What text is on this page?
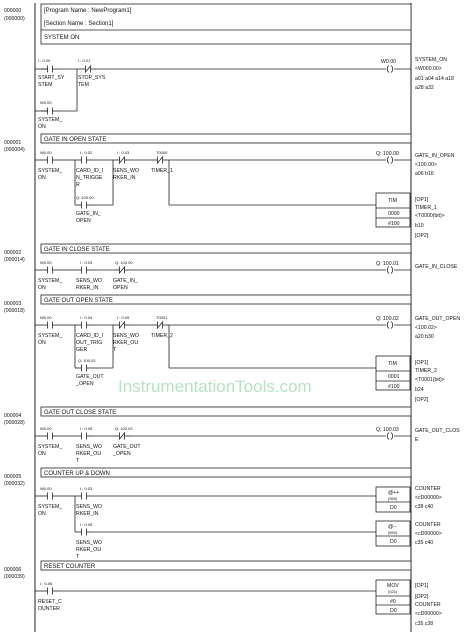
InstrumentationTools.com
000000
(000000)
[Program Name : NewProgram1]
[Section Name : Section1]
SYSTEM ON
I : 0.00
START_SY
STEM
I : 0.01
STOP_SYS
TEM
W0.00
W0.00
SYSTEM_
ON
SYSTEM_ON
<W000.00>
a01 a04 a14 a18
a28 a32
000001
(000004)
GATE IN OPEN STATE
W0.00
SYSTEM_
ON
I : 0.02
CARD_ID_I
N_TRIGGE
R
I : 0.03
SENS_WO
RKER_IN
T0000
TIMER_1
Q: 100.00
Q: 100.00
GATE_IN_
OPEN
TIM
0000
#100
GATE_IN_OPEN
<100.00>
a06 b16
[OP1]
TIMER_1
<T0000(bit)>
b10
[OP2]
000002
(000014)
GATE IN CLOSE STATE
W0.00
SYSTEM_
ON
I : 0.03
SENS_WO
RKER_IN
Q: 100.00
GATE_IN_
OPEN
Q: 100.01	GATE_IN_CLOSE
000003
(000018)
GATE OUT OPEN STATE
W0.00
SYSTEM_
ON
I : 0.04
CARD_ID_I
OUT_TRIG
GER
I : 0.05
SENS_WO
RKER_OU
T
T0001
TIMER_2
Q: 100.02
Q: 100.02
GATE_OUT
_OPEN
TIM
0001
#100
GATE_OUT_OPEN
<100.02>
a20 b30
[OP1]
TIMER_2
<T0001(bit)>
b24
[OP2]
000004
(000028)
GATE OUT CLOSE STATE
W0.00
SYSTEM_
ON
I : 0.05
SENS_WO
RKER_OU
T
Q: 100.02
GATE_OUT
_OPEN
Q: 100.03	GATE_OUT_CLOS
E
000005
(000032)
COUNTER UP & DOWN
W0.00
SYSTEM_
ON
I : 0.03
SENS_WO
RKER_IN
@++
(590)
D0
I : 0.05
SENS_WO
RKER_OU
T
@--
(592)
D0
COUNTER
<cD00000>
c38 c40
COUNTER
<cD00000>
c35 c40
000006
(000039)
RESET COUNTER
I : 0.06
RESET_C
OUNTER
MOV
(021)
#0
D0
[OP1]
[OP2]
COUNTER
<cD00000>
c35 c38
